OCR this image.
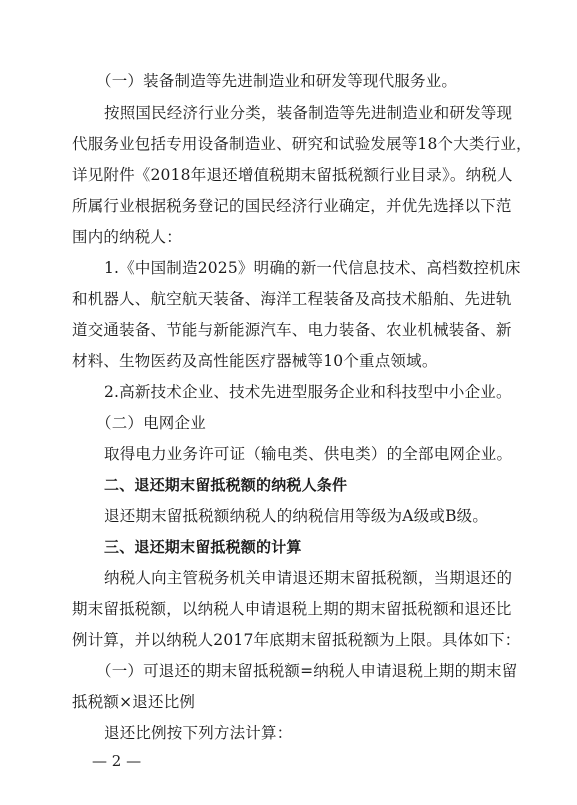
（一）装备制造等先进制造业和研发等现代服务业。
按照国民经济行业分类，装备制造等先进制造业和研发等现
代服务业包括专用设备制造业、研究和试验发展等18个大类行业，
详见附件《2018年退还增值税期末留抵税额行业目录》。纳税人
所属行业根据税务登记的国民经济行业确定，并优先选择以下范
围内的纳税人：
1.《中国制造2025》明确的新一代信息技术、高档数控机床
和机器人、航空航天装备、海洋工程装备及高技术船舶、先进轨
道交通装备、节能与新能源汽车、电力装备、农业机械装备、新
材料、生物医药及高性能医疗器械等10个重点领域。
2.高新技术企业、技术先进型服务企业和科技型中小企业。
（二）电网企业
取得电力业务许可证（输电类、供电类）的全部电网企业。
二、退还期末留抵税额的纳税人条件
退还期末留抵税额纳税人的纳税信用等级为A级或B级。
三、退还期末留抵税额的计算
纳税人向主管税务机关申请退还期末留抵税额，当期退还的
期末留抵税额，以纳税人申请退税上期的期末留抵税额和退还比
例计算，并以纳税人2017年底期末留抵税额为上限。具体如下：
（一）可退还的期末留抵税额=纳税人申请退税上期的期末留
抵税额×退还比例
退还比例按下列方法计算：
— 2 —
